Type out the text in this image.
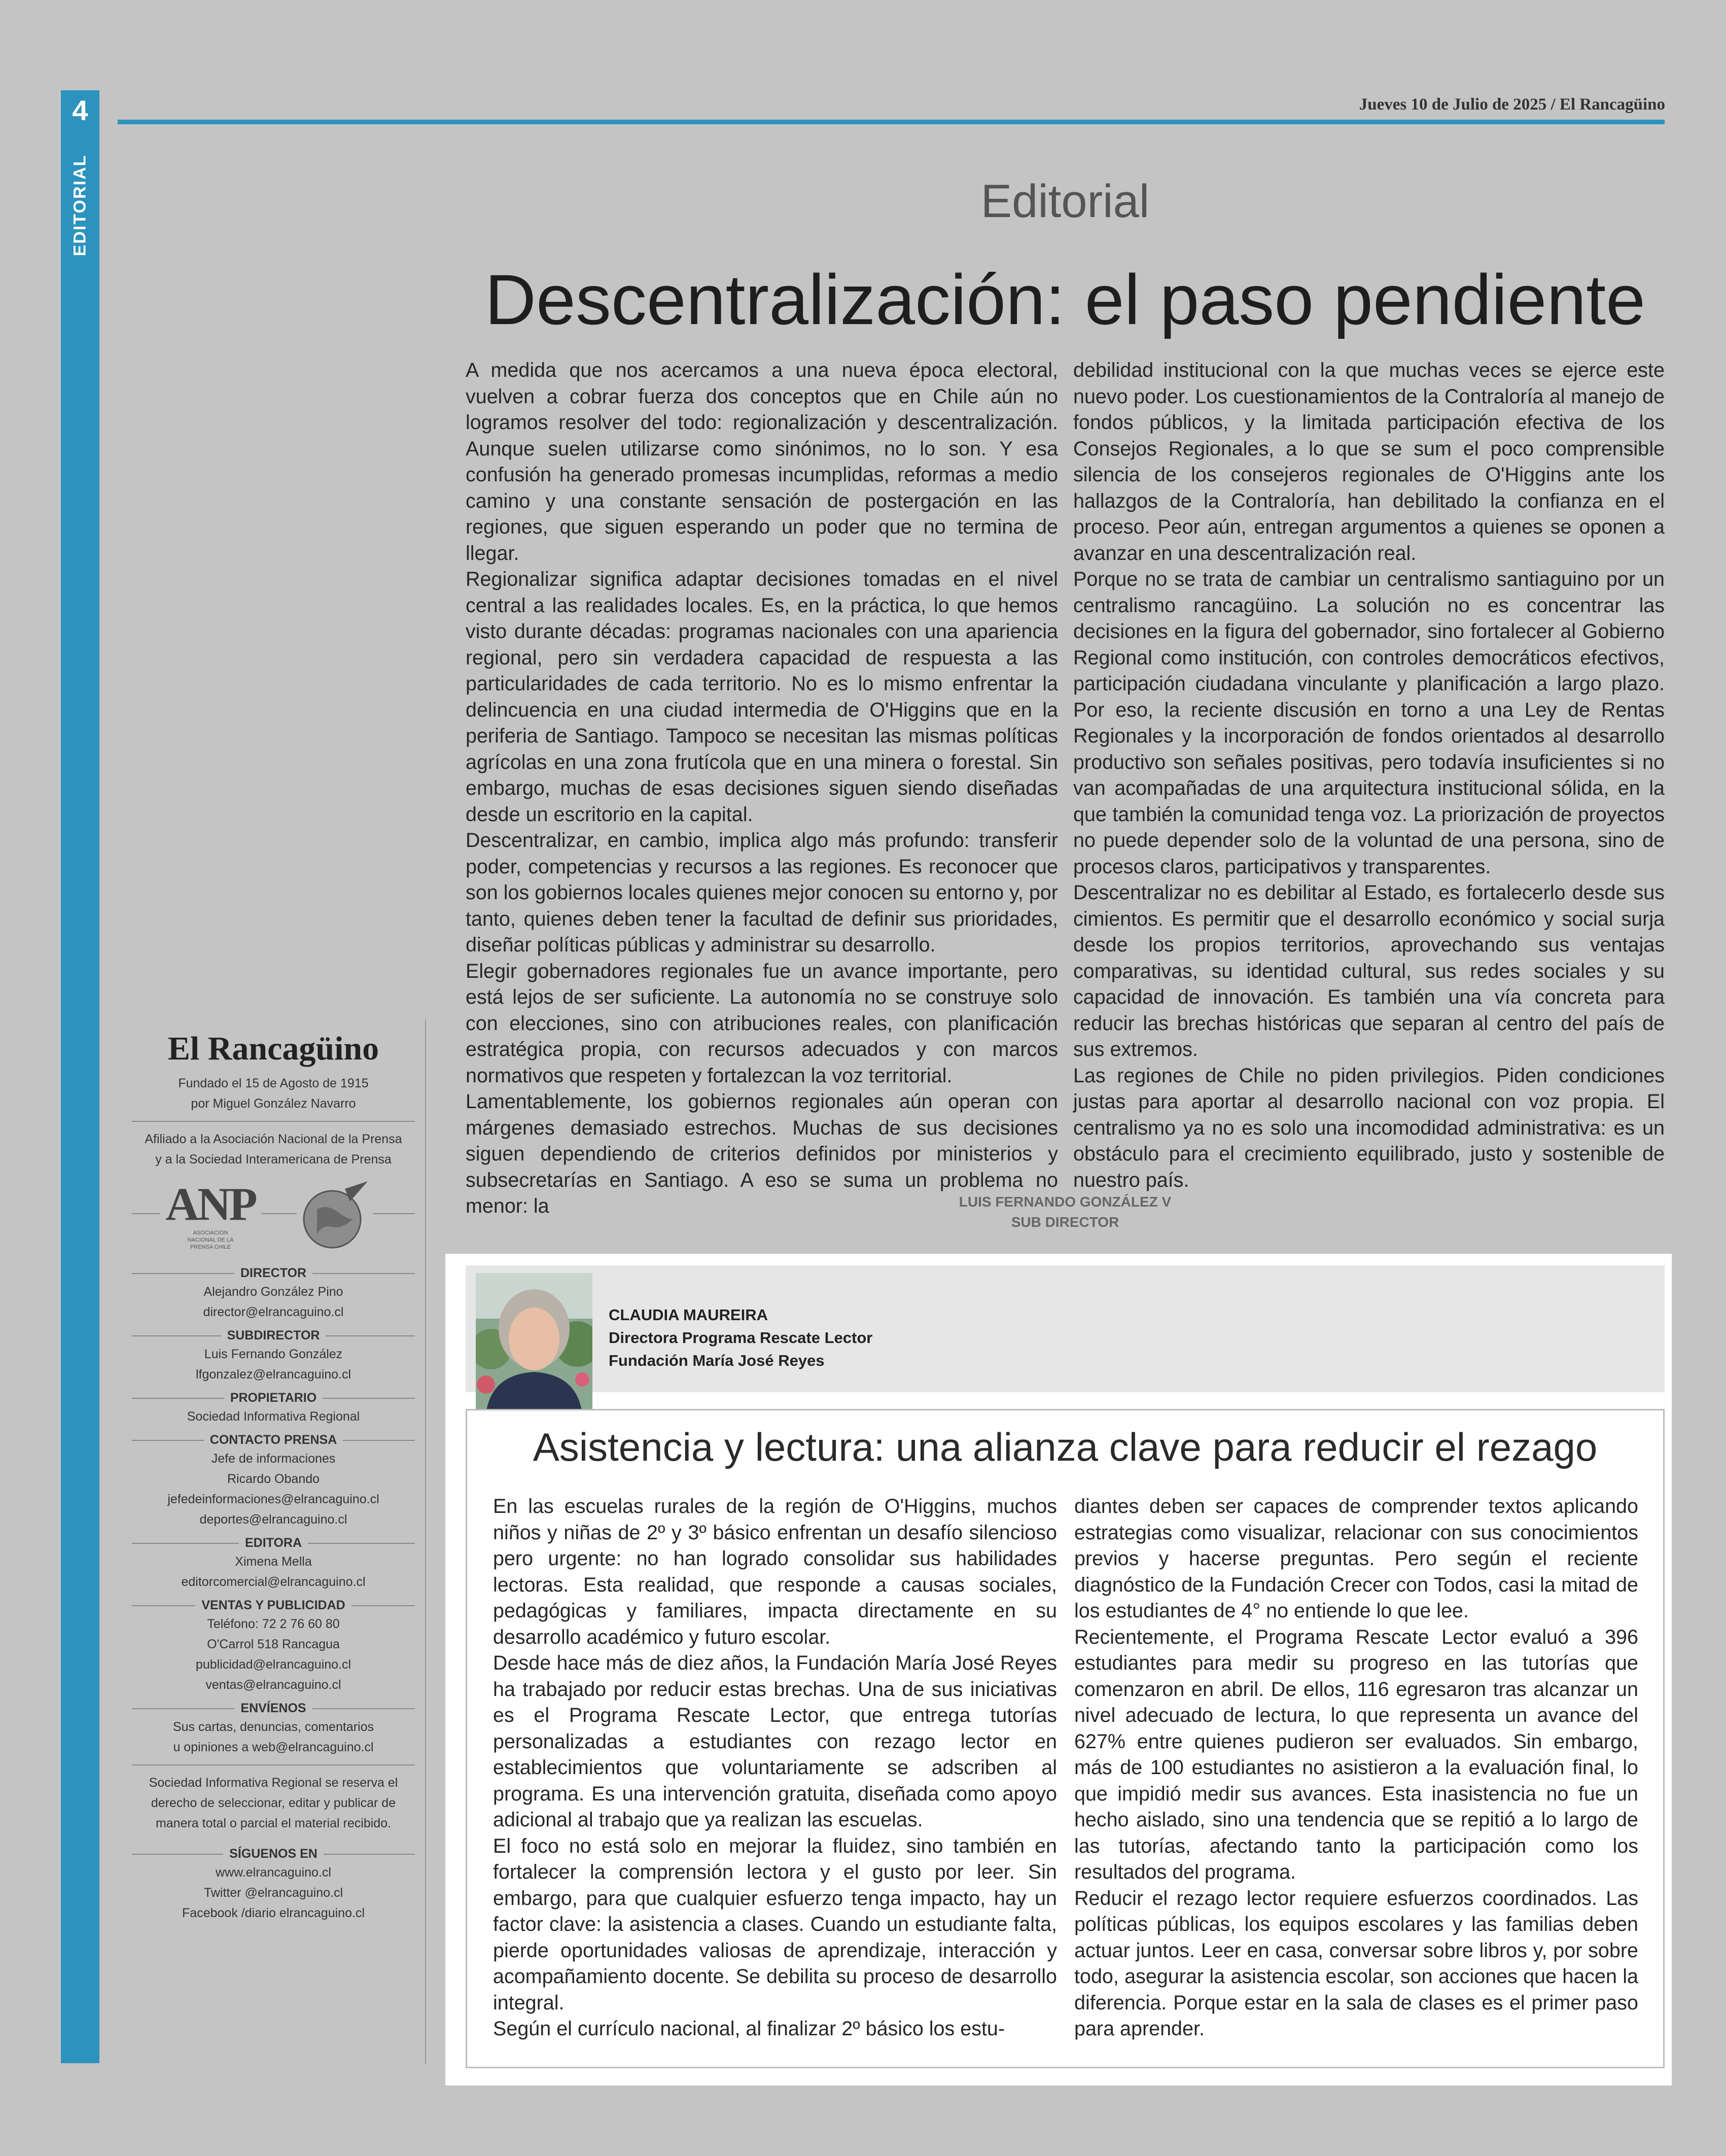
4
EDITORIAL
Jueves 10 de Julio de 2025 / El Rancagüino
Editorial
Descentralización: el paso pendiente

A medida que nos acercamos a una nueva época electoral, vuelven a cobrar fuerza dos conceptos que en Chile aún no logramos resolver del todo: regionalización y descentralización. Aunque suelen utilizarse como sinónimos, no lo son. Y esa confusión ha generado promesas incumplidas, reformas a medio camino y una constante sensación de postergación en las regiones, que siguen esperando un poder que no termina de llegar.

Regionalizar significa adaptar decisiones tomadas en el nivel central a las realidades locales. Es, en la práctica, lo que hemos visto durante décadas: programas nacionales con una apariencia regional, pero sin verdadera capacidad de respuesta a las particularidades de cada territorio. No es lo mismo enfrentar la delincuencia en una ciudad intermedia de O'Higgins que en la periferia de Santiago. Tampoco se necesitan las mismas políticas agrícolas en una zona frutícola que en una minera o forestal. Sin embargo, muchas de esas decisiones siguen siendo diseñadas desde un escritorio en la capital.

Descentralizar, en cambio, implica algo más profundo: transferir poder, competencias y recursos a las regiones. Es reconocer que son los gobiernos locales quienes mejor conocen su entorno y, por tanto, quienes deben tener la facultad de definir sus prioridades, diseñar políticas públicas y administrar su desarrollo.

Elegir gobernadores regionales fue un avance importante, pero está lejos de ser suficiente. La autonomía no se construye solo con elecciones, sino con atribuciones reales, con planificación estratégica propia, con recursos adecuados y con marcos normativos que respeten y fortalezcan la voz territorial.

Lamentablemente, los gobiernos regionales aún operan con márgenes demasiado estrechos. Muchas de sus decisiones siguen dependiendo de criterios definidos por ministerios y subsecretarías en Santiago. A eso se suma un problema no menor: la

debilidad institucional con la que muchas veces se ejerce este nuevo poder. Los cuestionamientos de la Contraloría al manejo de fondos públicos, y la limitada participación efectiva de los Consejos Regionales, a lo que se sum el poco comprensible silencia de los consejeros regionales de O'Higgins ante los hallazgos de la Contraloría, han debilitado la confianza en el proceso. Peor aún, entregan argumentos a quienes se oponen a avanzar en una descentralización real.

Porque no se trata de cambiar un centralismo santiaguino por un centralismo rancagüino. La solución no es concentrar las decisiones en la figura del gobernador, sino fortalecer al Gobierno Regional como institución, con controles democráticos efectivos, participación ciudadana vinculante y planificación a largo plazo. Por eso, la reciente discusión en torno a una Ley de Rentas Regionales y la incorporación de fondos orientados al desarrollo productivo son señales positivas, pero todavía insuficientes si no van acompañadas de una arquitectura institucional sólida, en la que también la comunidad tenga voz. La priorización de proyectos no puede depender solo de la voluntad de una persona, sino de procesos claros, participativos y transparentes.

Descentralizar no es debilitar al Estado, es fortalecerlo desde sus cimientos. Es permitir que el desarrollo económico y social surja desde los propios territorios, aprovechando sus ventajas comparativas, su identidad cultural, sus redes sociales y su capacidad de innovación. Es también una vía concreta para reducir las brechas históricas que separan al centro del país de sus extremos.

Las regiones de Chile no piden privilegios. Piden condiciones justas para aportar al desarrollo nacional con voz propia. El centralismo ya no es solo una incomodidad administrativa: es un obstáculo para el crecimiento equilibrado, justo y sostenible de nuestro país.

LUIS FERNANDO GONZÁLEZ V
SUB DIRECTOR
El Rancagüino
Fundado el 15 de Agosto de 1915
por Miguel González Navarro
Afiliado a la Asociación Nacional de la Prensa
y a la Sociedad Interamericana de Prensa
ANP
ASOCIACION NACIONAL DE LA PRENSA CHILE
DIRECTOR
Alejandro González Pino
director@elrancaguino.cl
SUBDIRECTOR
Luis Fernando González
lfgonzalez@elrancaguino.cl
PROPIETARIO
Sociedad Informativa Regional
CONTACTO PRENSA
Jefe de informaciones
Ricardo Obando
jefedeinformaciones@elrancaguino.cl
deportes@elrancaguino.cl
EDITORA
Ximena Mella
editorcomercial@elrancaguino.cl
VENTAS Y PUBLICIDAD
Teléfono: 72 2 76 60 80
O'Carrol 518 Rancagua
publicidad@elrancaguino.cl
ventas@elrancaguino.cl
ENVÍENOS
Sus cartas, denuncias, comentarios
u opiniones a web@elrancaguino.cl
Sociedad Informativa Regional se reserva el
derecho de seleccionar, editar y publicar de
manera total o parcial el material recibido.
SÍGUENOS EN
www.elrancaguino.cl
Twitter @elrancaguino.cl
Facebook /diario elrancaguino.cl
CLAUDIA MAUREIRA
Directora Programa Rescate Lector
Fundación María José Reyes
Asistencia y lectura: una alianza clave para reducir el rezago

En las escuelas rurales de la región de O'Higgins, muchos niños y niñas de 2º y 3º básico enfrentan un desafío silencioso pero urgente: no han logrado consolidar sus habilidades lectoras. Esta realidad, que responde a causas sociales, pedagógicas y familiares, impacta directamente en su desarrollo académico y futuro escolar.

Desde hace más de diez años, la Fundación María José Reyes ha trabajado por reducir estas brechas. Una de sus iniciativas es el Programa Rescate Lector, que entrega tutorías personalizadas a estudiantes con rezago lector en establecimientos que voluntariamente se adscriben al programa. Es una intervención gratuita, diseñada como apoyo adicional al trabajo que ya realizan las escuelas.

El foco no está solo en mejorar la fluidez, sino también en fortalecer la comprensión lectora y el gusto por leer. Sin embargo, para que cualquier esfuerzo tenga impacto, hay un factor clave: la asistencia a clases. Cuando un estudiante falta, pierde oportunidades valiosas de aprendizaje, interacción y acompañamiento docente. Se debilita su proceso de desarrollo integral.

Según el currículo nacional, al finalizar 2º básico los estu-

diantes deben ser capaces de comprender textos aplicando estrategias como visualizar, relacionar con sus conocimientos previos y hacerse preguntas. Pero según el reciente diagnóstico de la Fundación Crecer con Todos, casi la mitad de los estudiantes de 4° no entiende lo que lee.

Recientemente, el Programa Rescate Lector evaluó a 396 estudiantes para medir su progreso en las tutorías que comenzaron en abril. De ellos, 116 egresaron tras alcanzar un nivel adecuado de lectura, lo que representa un avance del 627% entre quienes pudieron ser evaluados. Sin embargo, más de 100 estudiantes no asistieron a la evaluación final, lo que impidió medir sus avances. Esta inasistencia no fue un hecho aislado, sino una tendencia que se repitió a lo largo de las tutorías, afectando tanto la participación como los resultados del programa.

Reducir el rezago lector requiere esfuerzos coordinados. Las políticas públicas, los equipos escolares y las familias deben actuar juntos. Leer en casa, conversar sobre libros y, por sobre todo, asegurar la asistencia escolar, son acciones que hacen la diferencia. Porque estar en la sala de clases es el primer paso para aprender.
